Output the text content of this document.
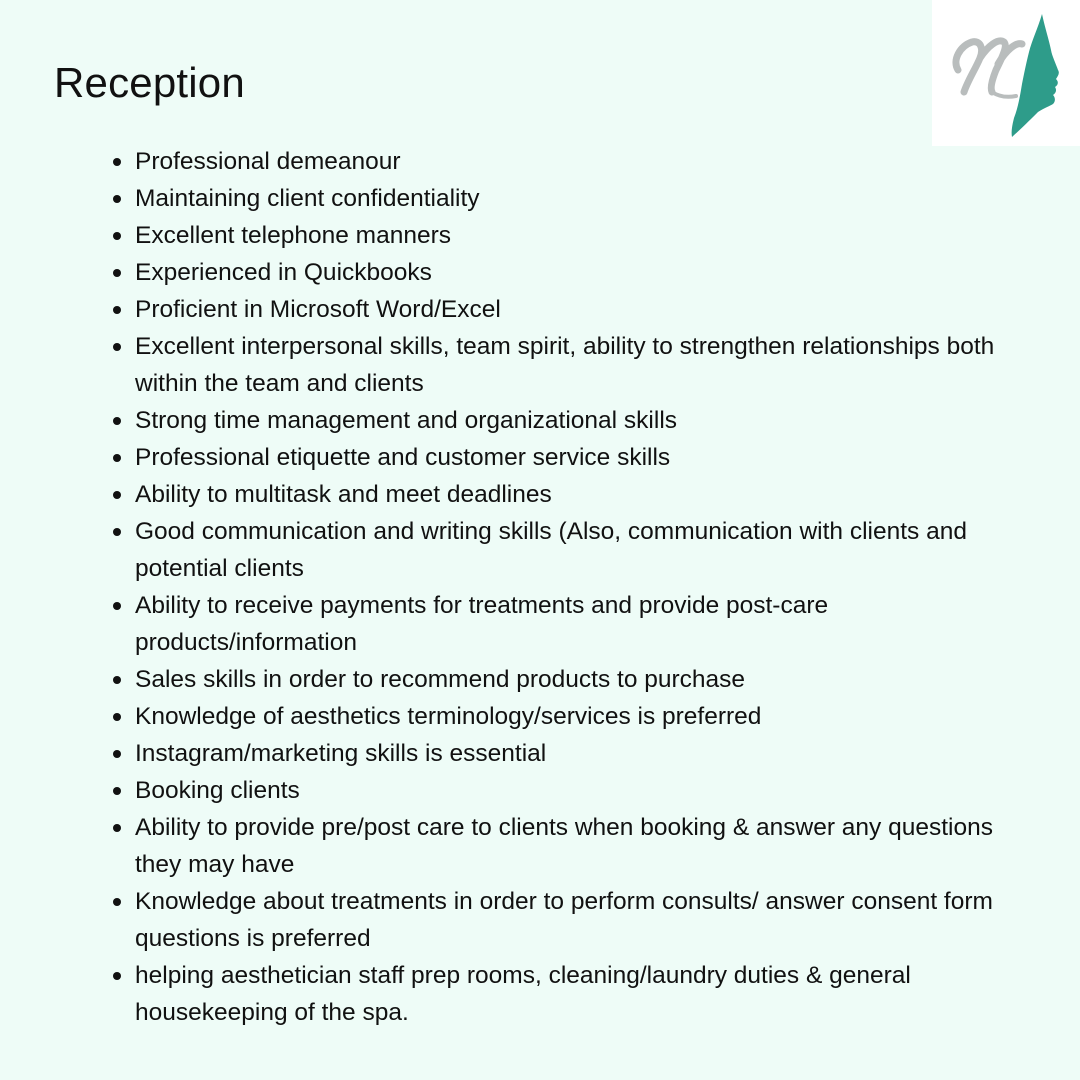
Reception
Professional demeanour
Maintaining client confidentiality
Excellent telephone manners
Experienced in Quickbooks
Proficient in Microsoft Word/Excel
Excellent interpersonal skills, team spirit, ability to strengthen relationships both within the team and clients
Strong time management and organizational skills
Professional etiquette and customer service skills
Ability to multitask and meet deadlines
Good communication and writing skills (Also, communication with clients and potential clients
Ability to receive payments for treatments and provide post-care products/information
Sales skills in order to recommend products to purchase
Knowledge of aesthetics terminology/services is preferred
Instagram/marketing skills is essential
Booking clients
Ability to provide pre/post care to clients when booking & answer any questions they may have
Knowledge about treatments in order to perform consults/ answer consent form questions is preferred
helping aesthetician staff prep rooms, cleaning/laundry duties & general housekeeping of the spa.
